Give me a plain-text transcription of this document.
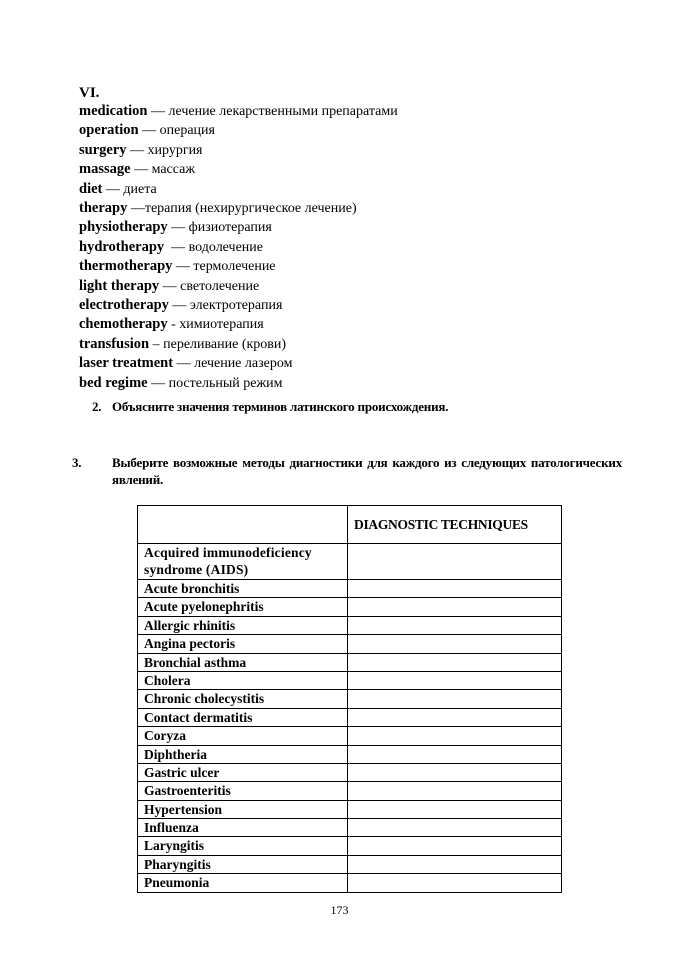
VI.
medication — лечение лекарственными препаратами
operation — операция
surgery — хирургия
massage — массаж
diet — диета
therapy —терапия (нехирургическое лечение)
physiotherapy — физиотерапия
hydrotherapy  — водолечение
thermotherapy — термолечение
light therapy — светолечение
electrotherapy — электротерапия
chemotherapy - химиотерапия
transfusion – переливание (крови)
laser treatment — лечение лазером
bed regime — постельный режим
2. Объясните значения терминов латинского происхождения.
3. Выберите возможные методы диагностики для каждого из следующих патологических явлений.
	DIAGNOSTIC TECHNIQUES
Acquired immunodeficiency
syndrome (AIDS)	
Acute bronchitis	
Acute pyelonephritis	
Allergic rhinitis	
Angina pectoris	
Bronchial asthma	
Cholera	
Chronic cholecystitis	
Contact dermatitis	
Coryza	
Diphtheria	
Gastric ulcer	
Gastroenteritis	
Hypertension	
Influenza	
Laryngitis	
Pharyngitis	
Pneumonia	
173
